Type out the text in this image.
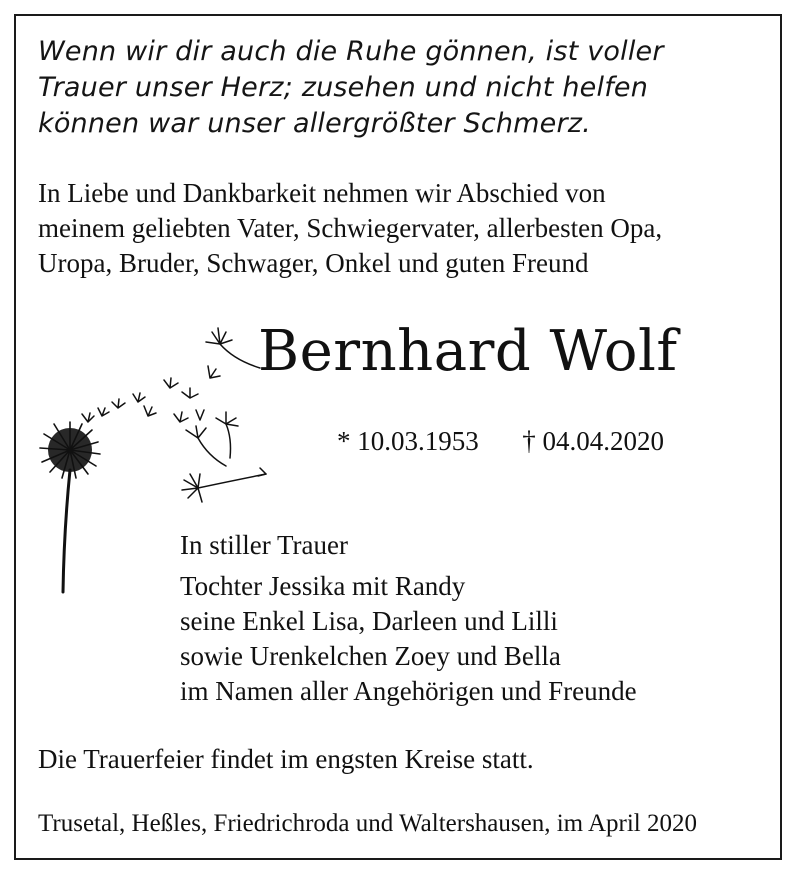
Wenn wir dir auch die Ruhe gönnen, ist voller
Trauer unser Herz; zusehen und nicht helfen
können war unser allergrößter Schmerz.
In Liebe und Dankbarkeit nehmen wir Abschied von
meinem geliebten Vater, Schwiegervater, allerbesten Opa,
Uropa, Bruder, Schwager, Onkel und guten Freund
Bernhard Wolf
* 10.03.1953 † 04.04.2020
In stiller Trauer
Tochter Jessika mit Randy
seine Enkel Lisa, Darleen und Lilli
sowie Urenkelchen Zoey und Bella
im Namen aller Angehörigen und Freunde
Die Trauerfeier findet im engsten Kreise statt.
Trusetal, Heßles, Friedrichroda und Waltershausen, im April 2020
